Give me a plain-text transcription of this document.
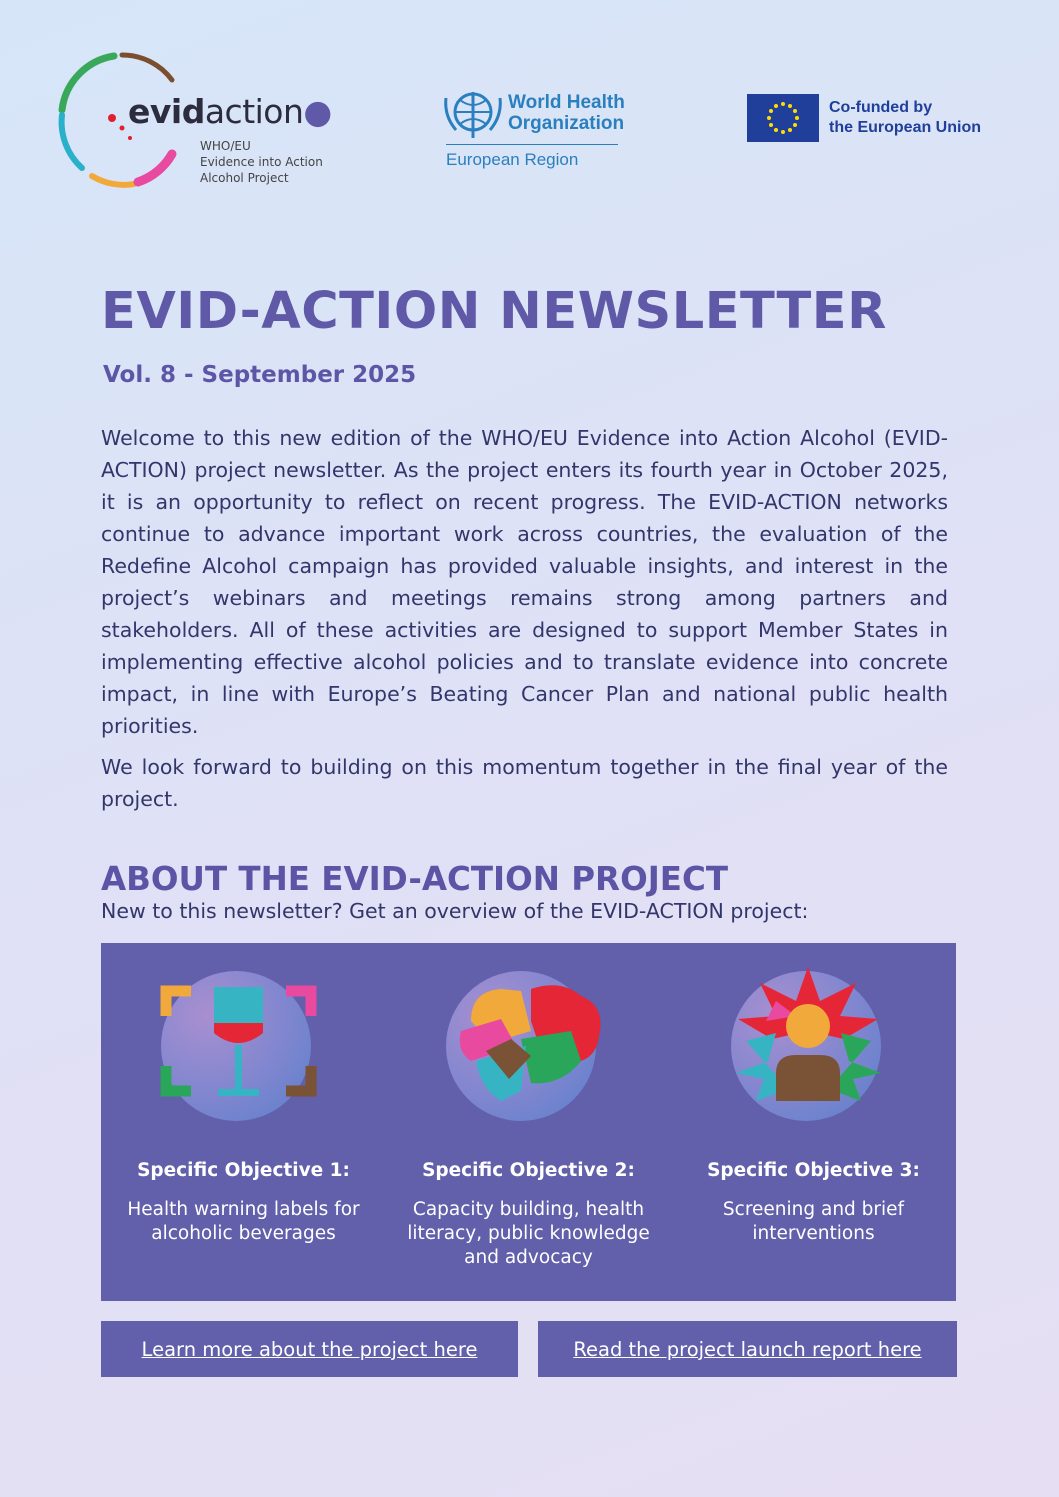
evidaction●
WHO/EU
Evidence into Action
Alcohol Project
World Health
Organization
European Region
Co-funded by
the European Union
EVID-ACTION NEWSLETTER
Vol. 8 - September 2025

Welcome to this new edition of the WHO/EU Evidence into Action Alcohol (EVID-ACTION) project newsletter. As the project enters its fourth year in October 2025, it is an opportunity to reflect on recent progress. The EVID-ACTION networks continue to advance important work across countries, the evaluation of the Redefine Alcohol campaign has provided valuable insights, and interest in the project’s webinars and meetings remains strong among partners and stakeholders. All of these activities are designed to support Member States in implementing effective alcohol policies and to translate evidence into concrete impact, in line with Europe’s Beating Cancer Plan and national public health priorities.

We look forward to building on this momentum together in the final year of the project.

ABOUT THE EVID-ACTION PROJECT

New to this newsletter? Get an overview of the EVID-ACTION project:

Specific Objective 1:
Health warning labels for alcoholic beverages
Specific Objective 2:
Capacity building, health literacy, public knowledge and advocacy
Specific Objective 3:
Screening and brief interventions
Learn more about the project here	Read the project launch report here
